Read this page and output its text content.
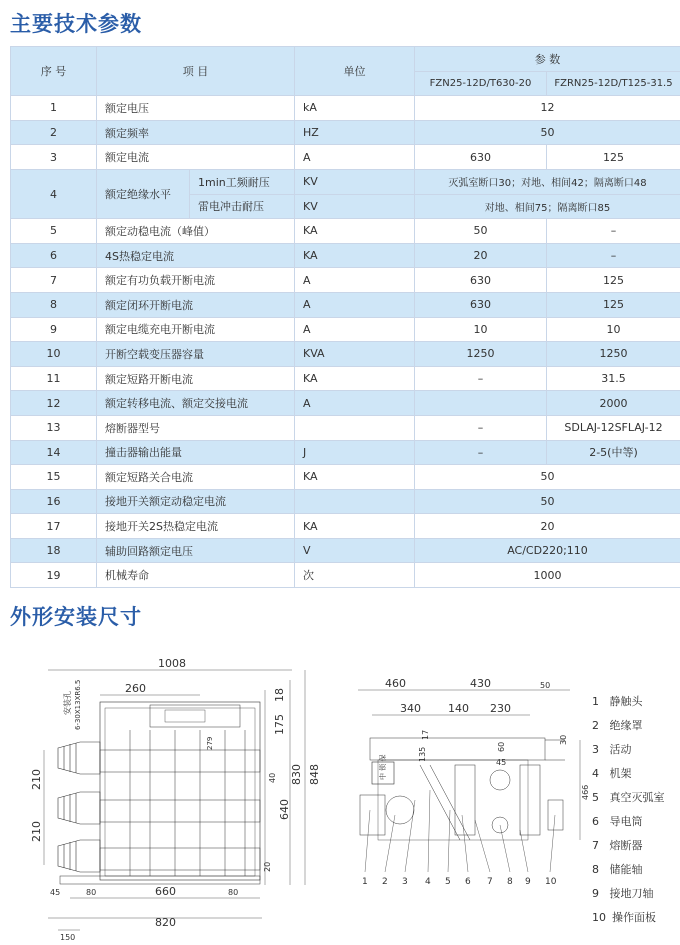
主要技术参数
序 号	项 目		单位	参 数	
				FZN25-12D/T630-20	FZRN25-12D/T125-31.5
1	额定电压		kA	12	
2	额定频率		HZ	50	
3	额定电流		A	630	125
4	额定绝缘水平	1min工频耐压	KV	灭弧室断口30；对地、相间42；隔离断口48	
		雷电冲击耐压	KV	对地、相间75；隔离断口85	
5	额定动稳电流（峰值）		KA	50	–
6	4S热稳定电流		KA	20	–
7	额定有功负载开断电流		A	630	125
8	额定闭环开断电流		A	630	125
9	额定电缆充电开断电流		A	10	10
10	开断空载变压器容量		KVA	1250	1250
11	额定短路开断电流		KA	–	31.5
12	额定转移电流、额定交接电流		A		2000
13	熔断器型号			–	SDLAJ-12SFLAJ-12
14	撞击器输出能量		J	–	2-5(中等)
15	额定短路关合电流		KA	50	
16	接地开关额定动稳定电流			50	
17	接地开关2S热稳定电流		KA	20	
18	辅助回路额定电压		V	AC/CD220;110	
19	机械寿命		次	1000	
外形安装尺寸
1008
260	18
175
830 848
640
210
210
660
820
80	80
45
150
40
20
279
安装孔 6-30X13XR6.5	460	430	50
340 140 230
30
17
135	60
45
466
中 锁 保
1 2 3 4 5 6 7 8 9 10
1 静触头
2 绝缘罩
3 活动
4 机架
5 真空灭弧室
6 导电筒
7 熔断器
8 储能轴
9 接地刀轴
10 操作面板
